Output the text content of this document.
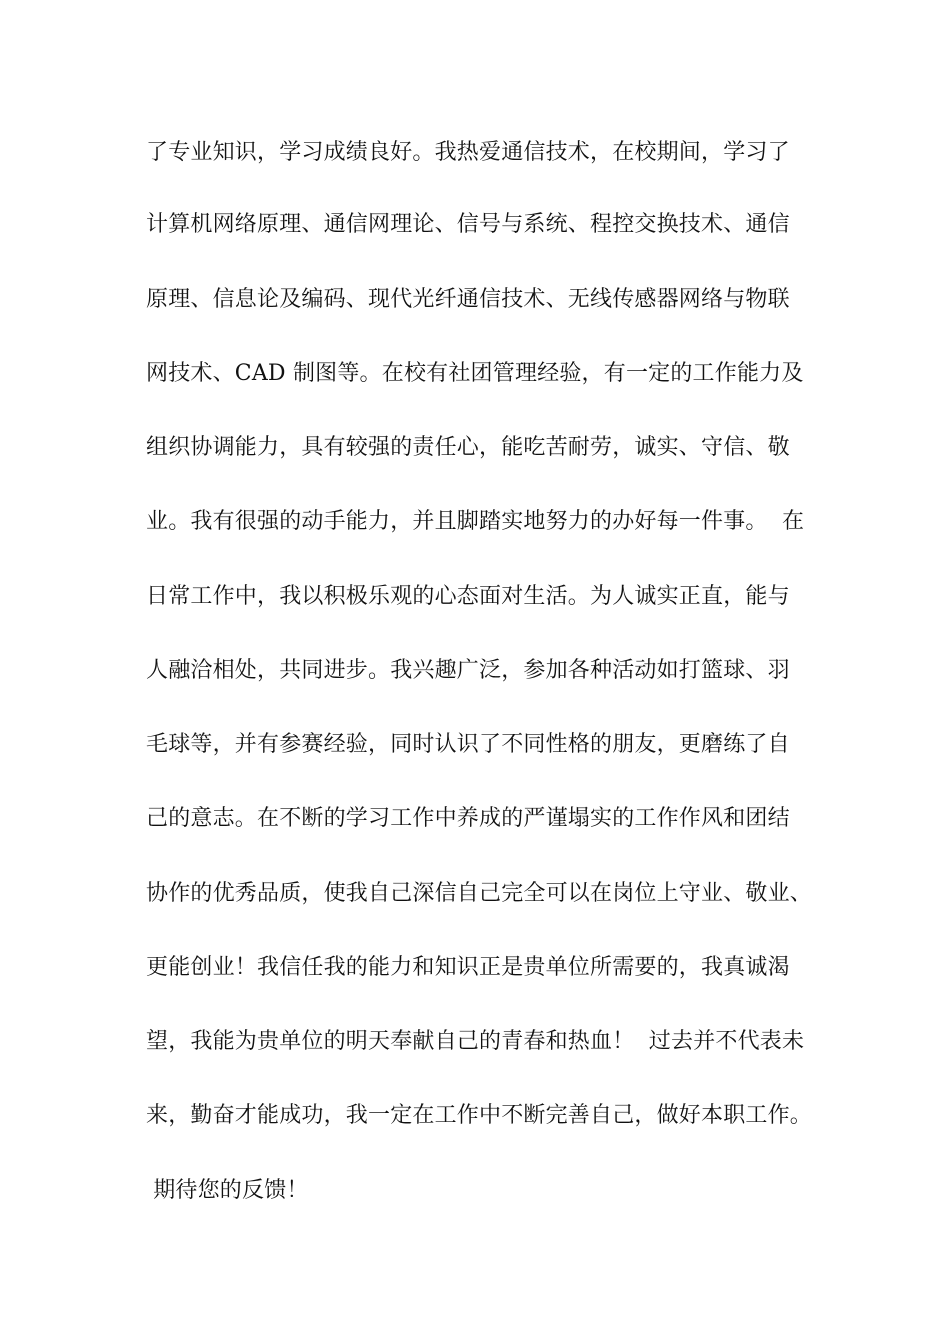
了专业知识，学习成绩良好。我热爱通信技术，在校期间，学习了
计算机网络原理、通信网理论、信号与系统、程控交换技术、通信
原理、信息论及编码、现代光纤通信技术、无线传感器网络与物联
网技术、CAD 制图等。在校有社团管理经验，有一定的工作能力及
组织协调能力，具有较强的责任心，能吃苦耐劳，诚实、守信、敬
业。我有很强的动手能力，并且脚踏实地努力的办好每一件事。  在
日常工作中，我以积极乐观的心态面对生活。为人诚实正直，能与
人融洽相处，共同进步。我兴趣广泛，参加各种活动如打篮球、羽
毛球等，并有参赛经验，同时认识了不同性格的朋友，更磨练了自
己的意志。在不断的学习工作中养成的严谨塌实的工作作风和团结
协作的优秀品质，使我自己深信自己完全可以在岗位上守业、敬业、
更能创业！我信任我的能力和知识正是贵单位所需要的，我真诚渴
望，我能为贵单位的明天奉献自己的青春和热血！  过去并不代表未
来，勤奋才能成功，我一定在工作中不断完善自己，做好本职工作。
期待您的反馈！
